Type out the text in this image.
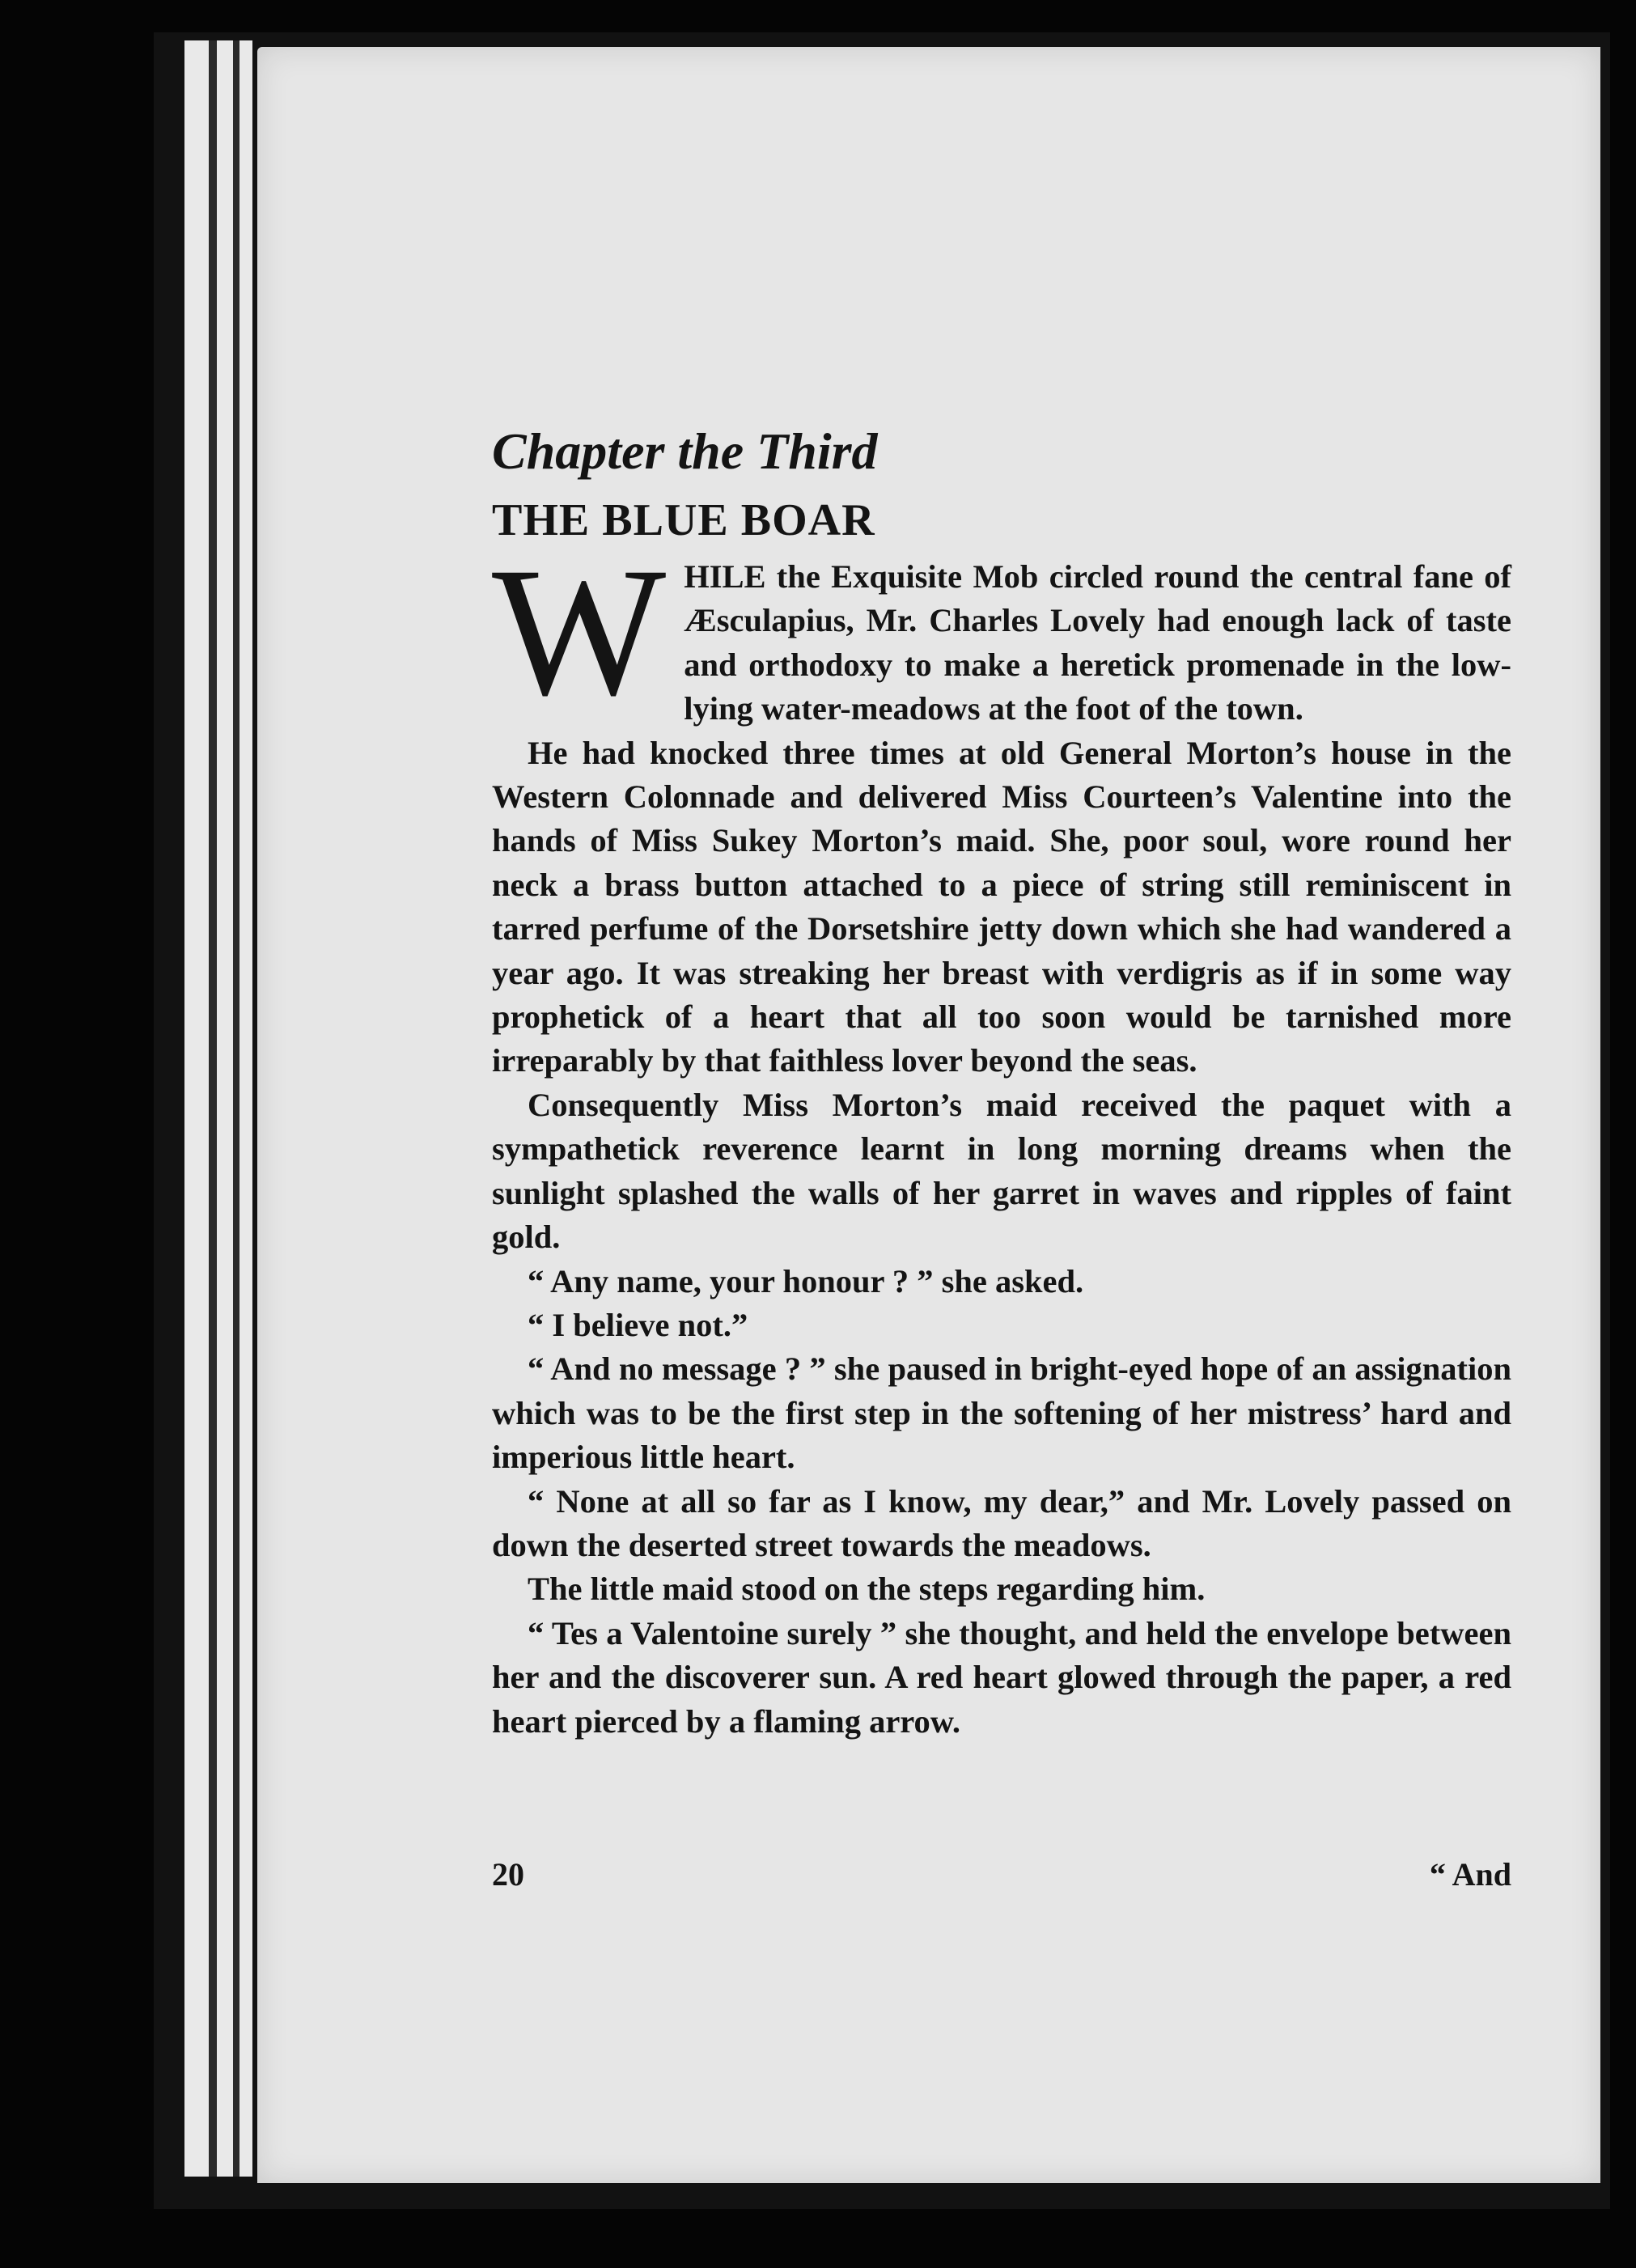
Chapter the Third
THE BLUE BOAR

WHILE the Exquisite Mob circled round the central fane of Æsculapius, Mr. Charles Lovely had enough lack of taste and orthodoxy to make a heretick promenade in the low-lying water-meadows at the foot of the town.

He had knocked three times at old General Morton’s house in the Western Colonnade and delivered Miss Courteen’s Valentine into the hands of Miss Sukey Morton’s maid. She, poor soul, wore round her neck a brass button attached to a piece of string still reminiscent in tarred perfume of the Dorsetshire jetty down which she had wandered a year ago. It was streaking her breast with verdigris as if in some way prophetick of a heart that all too soon would be tarnished more irreparably by that faithless lover beyond the seas.

Consequently Miss Morton’s maid received the paquet with a sympathetick reverence learnt in long morning dreams when the sunlight splashed the walls of her garret in waves and ripples of faint gold.

“ Any name, your honour ? ” she asked.

“ I believe not.”

“ And no message ? ” she paused in bright-eyed hope of an assignation which was to be the first step in the softening of her mistress’ hard and imperious little heart.

“ None at all so far as I know, my dear,” and Mr. Lovely passed on down the deserted street towards the meadows.

The little maid stood on the steps regarding him.

“ Tes a Valentoine surely ” she thought, and held the envelope between her and the discoverer sun. A red heart glowed through the paper, a red heart pierced by a flaming arrow.

20	“ And
